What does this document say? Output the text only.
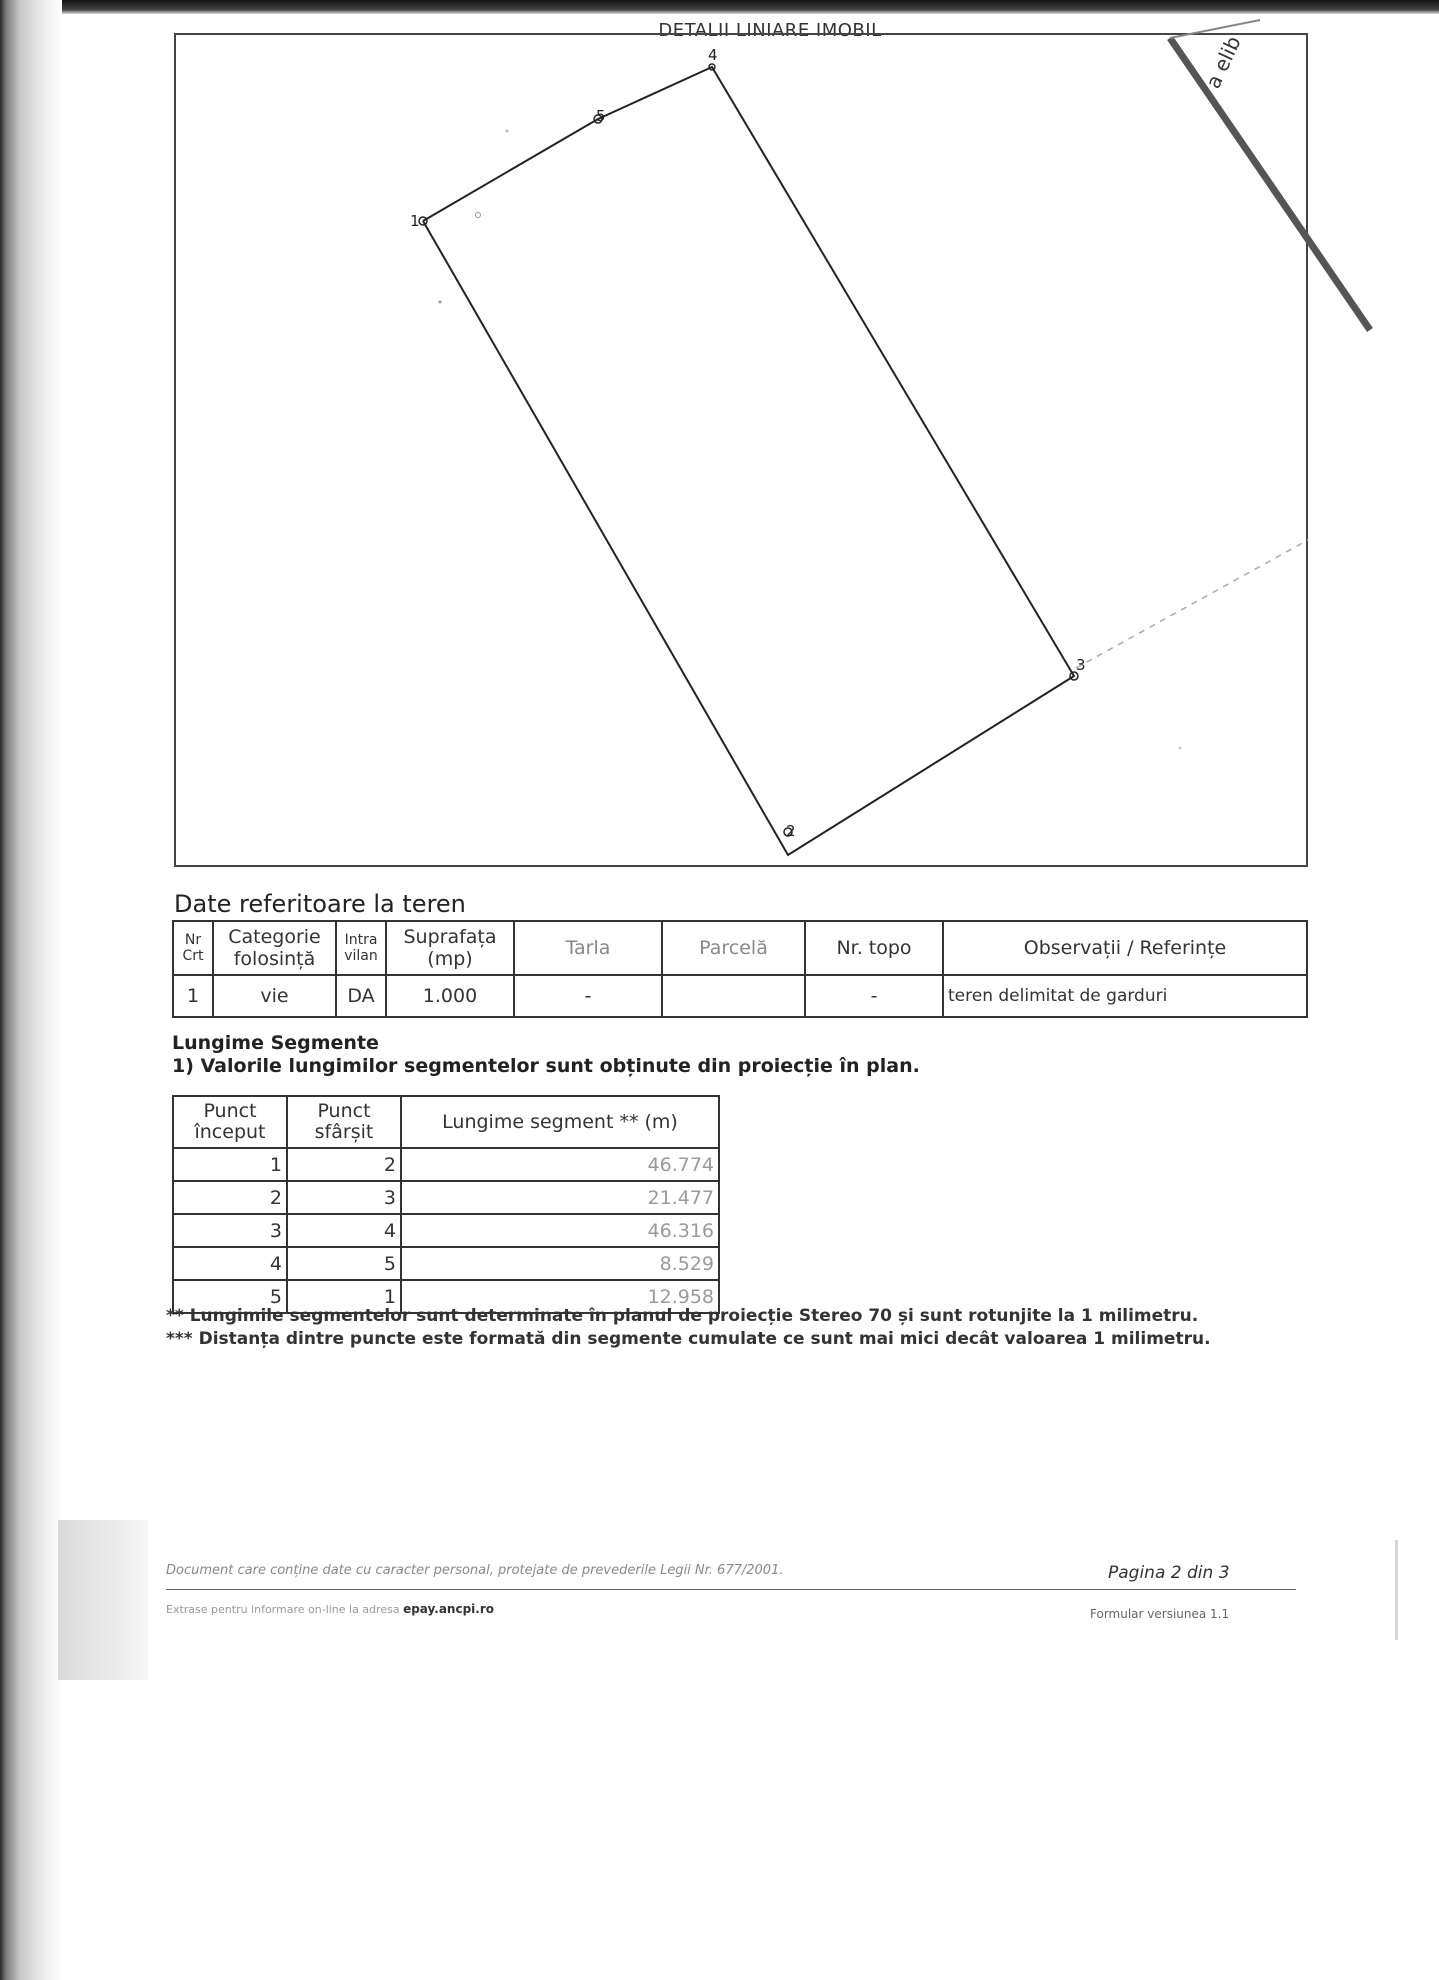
DETALII LINIARE IMOBIL
a elib
1
2
3
4
5
Date referitoare la teren
Nr Crt	Categorie folosință	Intra vilan	Suprafața (mp)	Tarla	Parcelă	Nr. topo	Observații / Referințe
1	vie	DA	1.000	-		-	teren delimitat de garduri
Lungime Segmente
1) Valorile lungimilor segmentelor sunt obținute din proiecție în plan.
Punct început	Punct sfârșit	Lungime segment ** (m)
1	2	46.774
2	3	21.477
3	4	46.316
4	5	8.529
5	1	12.958
** Lungimile segmentelor sunt determinate în planul de proiecție Stereo 70 și sunt rotunjite la 1 milimetru.
*** Distanța dintre puncte este formată din segmente cumulate ce sunt mai mici decât valoarea 1 milimetru.
Document care conține date cu caracter personal, protejate de prevederile Legii Nr. 677/2001.	Pagina 2 din 3
Extrase pentru informare on-line la adresa epay.ancpi.ro	Formular versiunea 1.1
